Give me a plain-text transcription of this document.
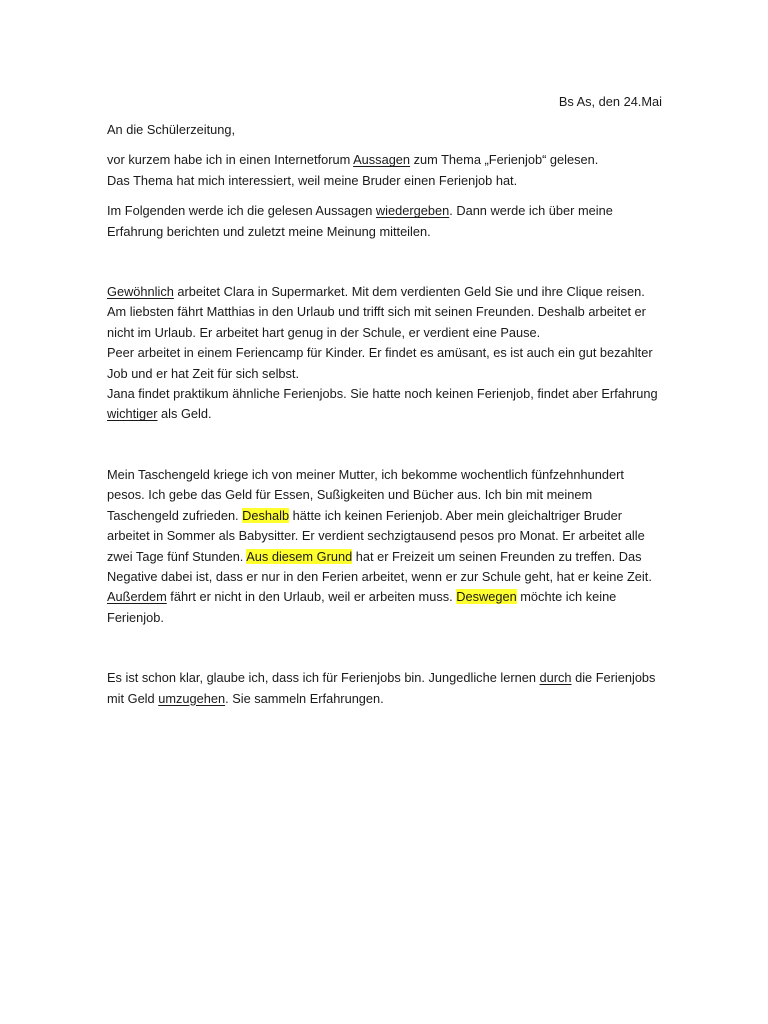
Bs As, den 24.Mai

An die Schülerzeitung,

vor kurzem habe ich in einen Internetforum Aussagen zum Thema „Ferienjob“ gelesen.
Das Thema hat mich interessiert, weil meine Bruder einen Ferienjob hat.

Im Folgenden werde ich die gelesen Aussagen wiedergeben. Dann werde ich über meine Erfahrung berichten und zuletzt meine Meinung mitteilen.

Gewöhnlich arbeitet Clara in Supermarket. Mit dem verdienten Geld Sie und ihre Clique reisen.
Am liebsten fährt Matthias in den Urlaub und trifft sich mit seinen Freunden. Deshalb arbeitet er nicht im Urlaub. Er arbeitet hart genug in der Schule, er verdient eine Pause.
Peer arbeitet in einem Feriencamp für Kinder. Er findet es amüsant, es ist auch ein gut bezahlter Job und er hat Zeit für sich selbst.
Jana findet praktikum ähnliche Ferienjobs. Sie hatte noch keinen Ferienjob, findet aber Erfahrung wichtiger als Geld.

Mein Taschengeld kriege ich von meiner Mutter, ich bekomme wochentlich fünfzehnhundert pesos. Ich gebe das Geld für Essen, Sußigkeiten und Bücher aus. Ich bin mit meinem Taschengeld zufrieden. Deshalb hätte ich keinen Ferienjob. Aber mein gleichaltriger Bruder arbeitet in Sommer als Babysitter. Er verdient sechzigtausend pesos pro Monat. Er arbeitet alle zwei Tage fünf Stunden. Aus diesem Grund hat er Freizeit um seinen Freunden zu treffen. Das Negative dabei ist, dass er nur in den Ferien arbeitet, wenn er zur Schule geht, hat er keine Zeit. Außerdem fährt er nicht in den Urlaub, weil er arbeiten muss. Deswegen möchte ich keine Ferienjob.

Es ist schon klar, glaube ich, dass ich für Ferienjobs bin. Jungedliche lernen durch die Ferienjobs mit Geld umzugehen. Sie sammeln Erfahrungen.
